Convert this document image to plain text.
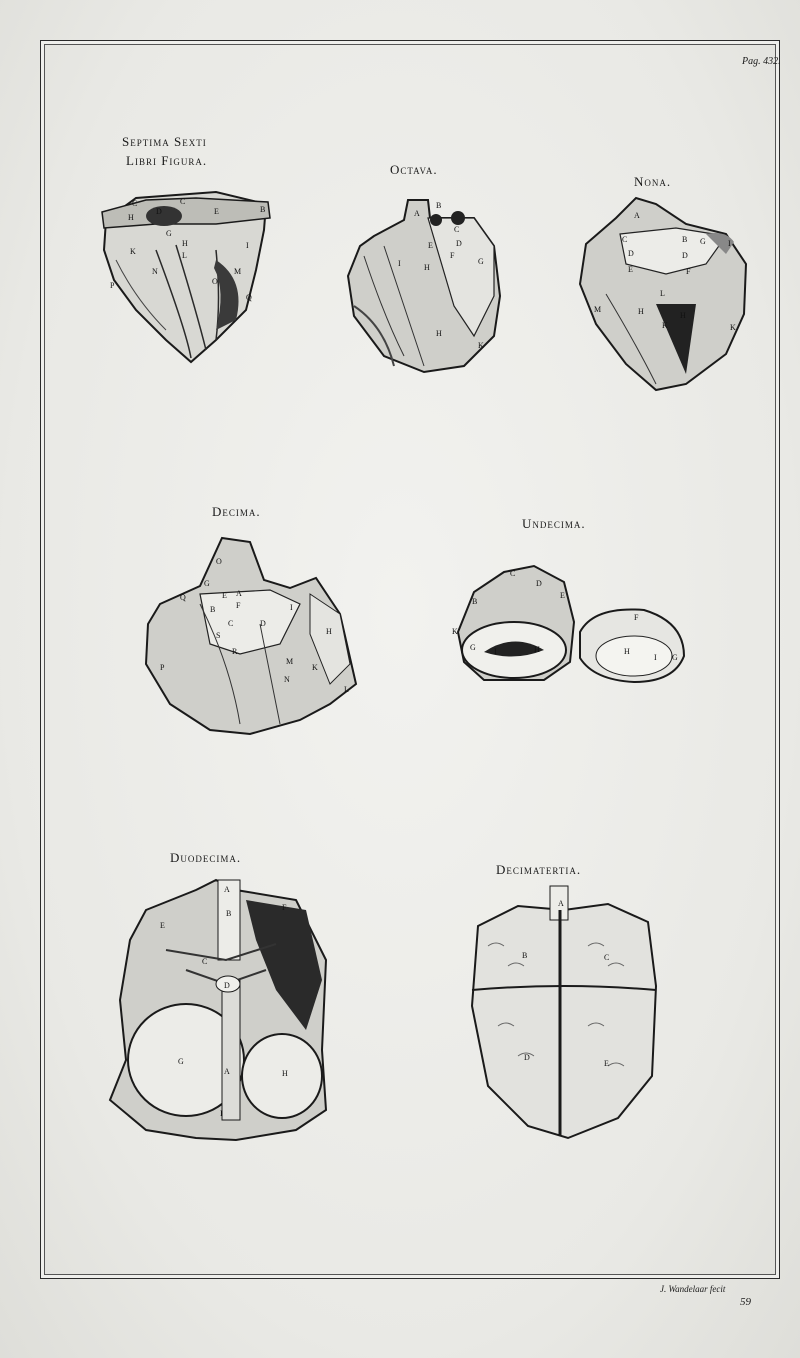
Pag. 432.
J. Wandelaar fecit
59
Septima Sexti
Libri Figura.
Octava.
Nona.
Decima.
Undecima.
Duodecima.
Decimatertia.
C	C
E	B
H
D
G
H
K	L
I
M
N
O
P
Q
A
B
C
D
E
F
G
H
I
H
K
A
B G	I
C
D	D
E	F
L
M	H	H
K	K
O
G
Q	E A
B	F
C	D
I
H
S
R
M
K
N
P
L
C
D
E
B
K
G I	H
F
H
I G
A
B
E
F
C
D
G
A	H
I
A
B	C
D
E
